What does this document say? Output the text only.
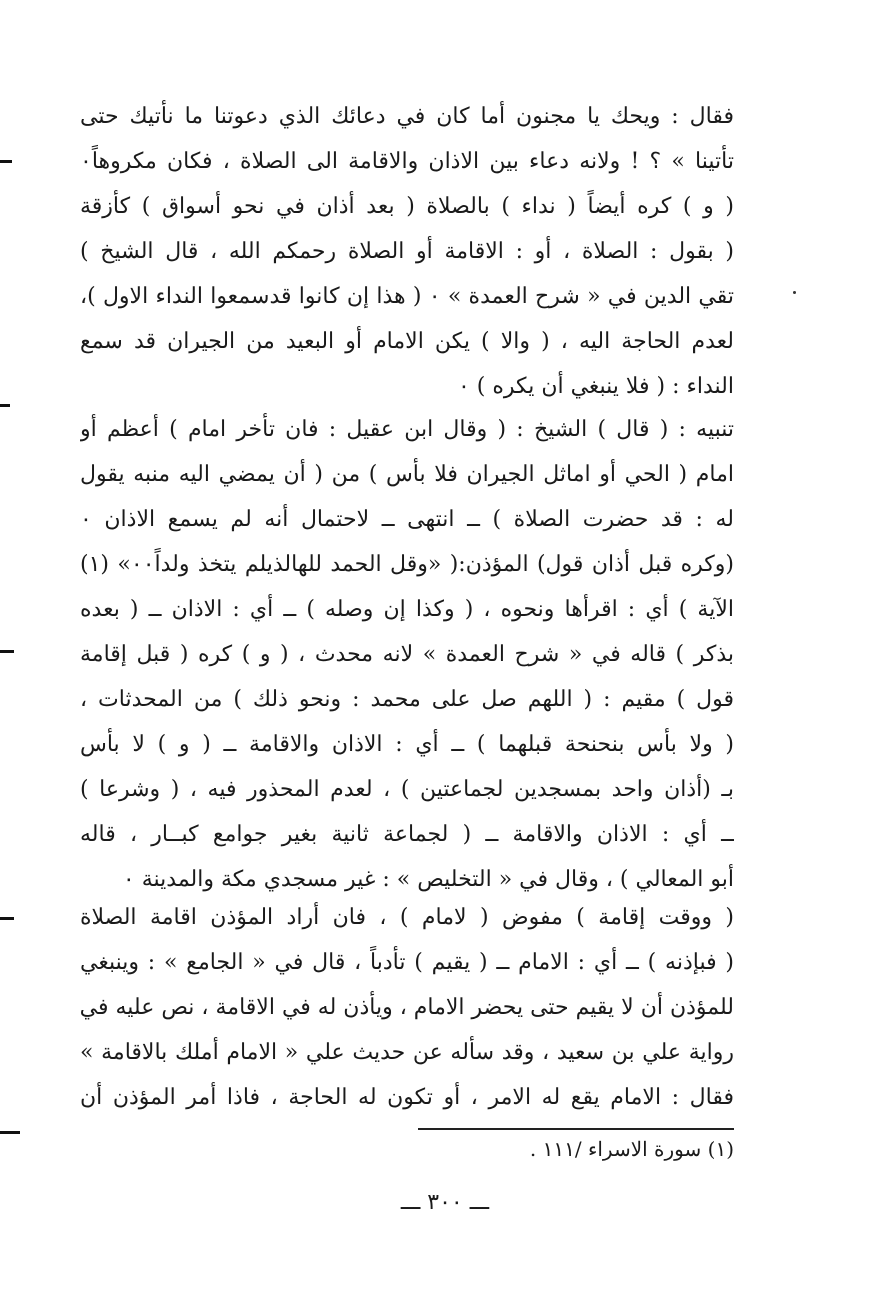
فقال : ويحك يا مجنون أما كان في دعائك الذي دعوتنا ما نأتيك حتى
تأتينا » ؟ ! ولانه دعاء بين الاذان والاقامة الى الصلاة ، فكان مكروهاً٠
( و ) كره أيضاً ( نداء ) بالصلاة ( بعد أذان في نحو أسواق ) كأزقة
( بقول : الصلاة ، أو : الاقامة أو الصلاة رحمكم الله ، قال الشيخ )
تقي الدين في « شرح العمدة » ٠ ( هذا إن كانوا قدسمعوا النداء الاول )،
لعدم الحاجة اليه ، ( والا ) يكن الامام أو البعيد من الجيران قد سمع
النداء : ( فلا ينبغي أن يكره ) ٠
تنبيه : ( قال ) الشيخ : ( وقال ابن عقيل : فان تأخر امام ) أعظم أو
امام ( الحي أو اماثل الجيران فلا بأس ) من ( أن يمضي اليه منبه يقول
له : قد حضرت الصلاة ) ــ انتهى ــ لاحتمال أنه لم يسمع الاذان ٠
(وكره قبل أذان قول) المؤذن:( «وقل الحمد للهالذيلم يتخذ ولداً٠٠» (١)
الآية ) أي : اقرأها ونحوه ، ( وكذا إن وصله ) ــ أي : الاذان ــ ( بعده
بذكر ) قاله في « شرح العمدة » لانه محدث ، ( و ) كره ( قبل إقامة
قول ) مقيم : ( اللهم صل على محمد : ونحو ذلك ) من المحدثات ،
( ولا بأس بنحنحة قبلهما ) ــ أي : الاذان والاقامة ــ ( و ) لا بأس
بـ (أذان واحد بمسجدين لجماعتين ) ، لعدم المحذور فيه ، ( وشرعا )
ــ أي : الاذان والاقامة ــ ( لجماعة ثانية بغير جوامع كبــار ، قاله
أبو المعالي ) ، وقال في « التخليص » : غير مسجدي مكة والمدينة ٠
( ووقت إقامة ) مفوض ( لامام ) ، فان أراد المؤذن اقامة الصلاة
( فبإذنه ) ــ أي : الامام ــ ( يقيم ) تأدباً ، قال في « الجامع » : وينبغي
للمؤذن أن لا يقيم حتى يحضر الامام ، ويأذن له في الاقامة ، نص عليه في
رواية علي بن سعيد ، وقد سأله عن حديث علي « الامام أملك بالاقامة »
فقال : الامام يقع له الامر ، أو تكون له الحاجة ، فاذا أمر المؤذن أن
(١) سورة الاسراء /١١١ .
ـــ ٣٠٠ ـــ
